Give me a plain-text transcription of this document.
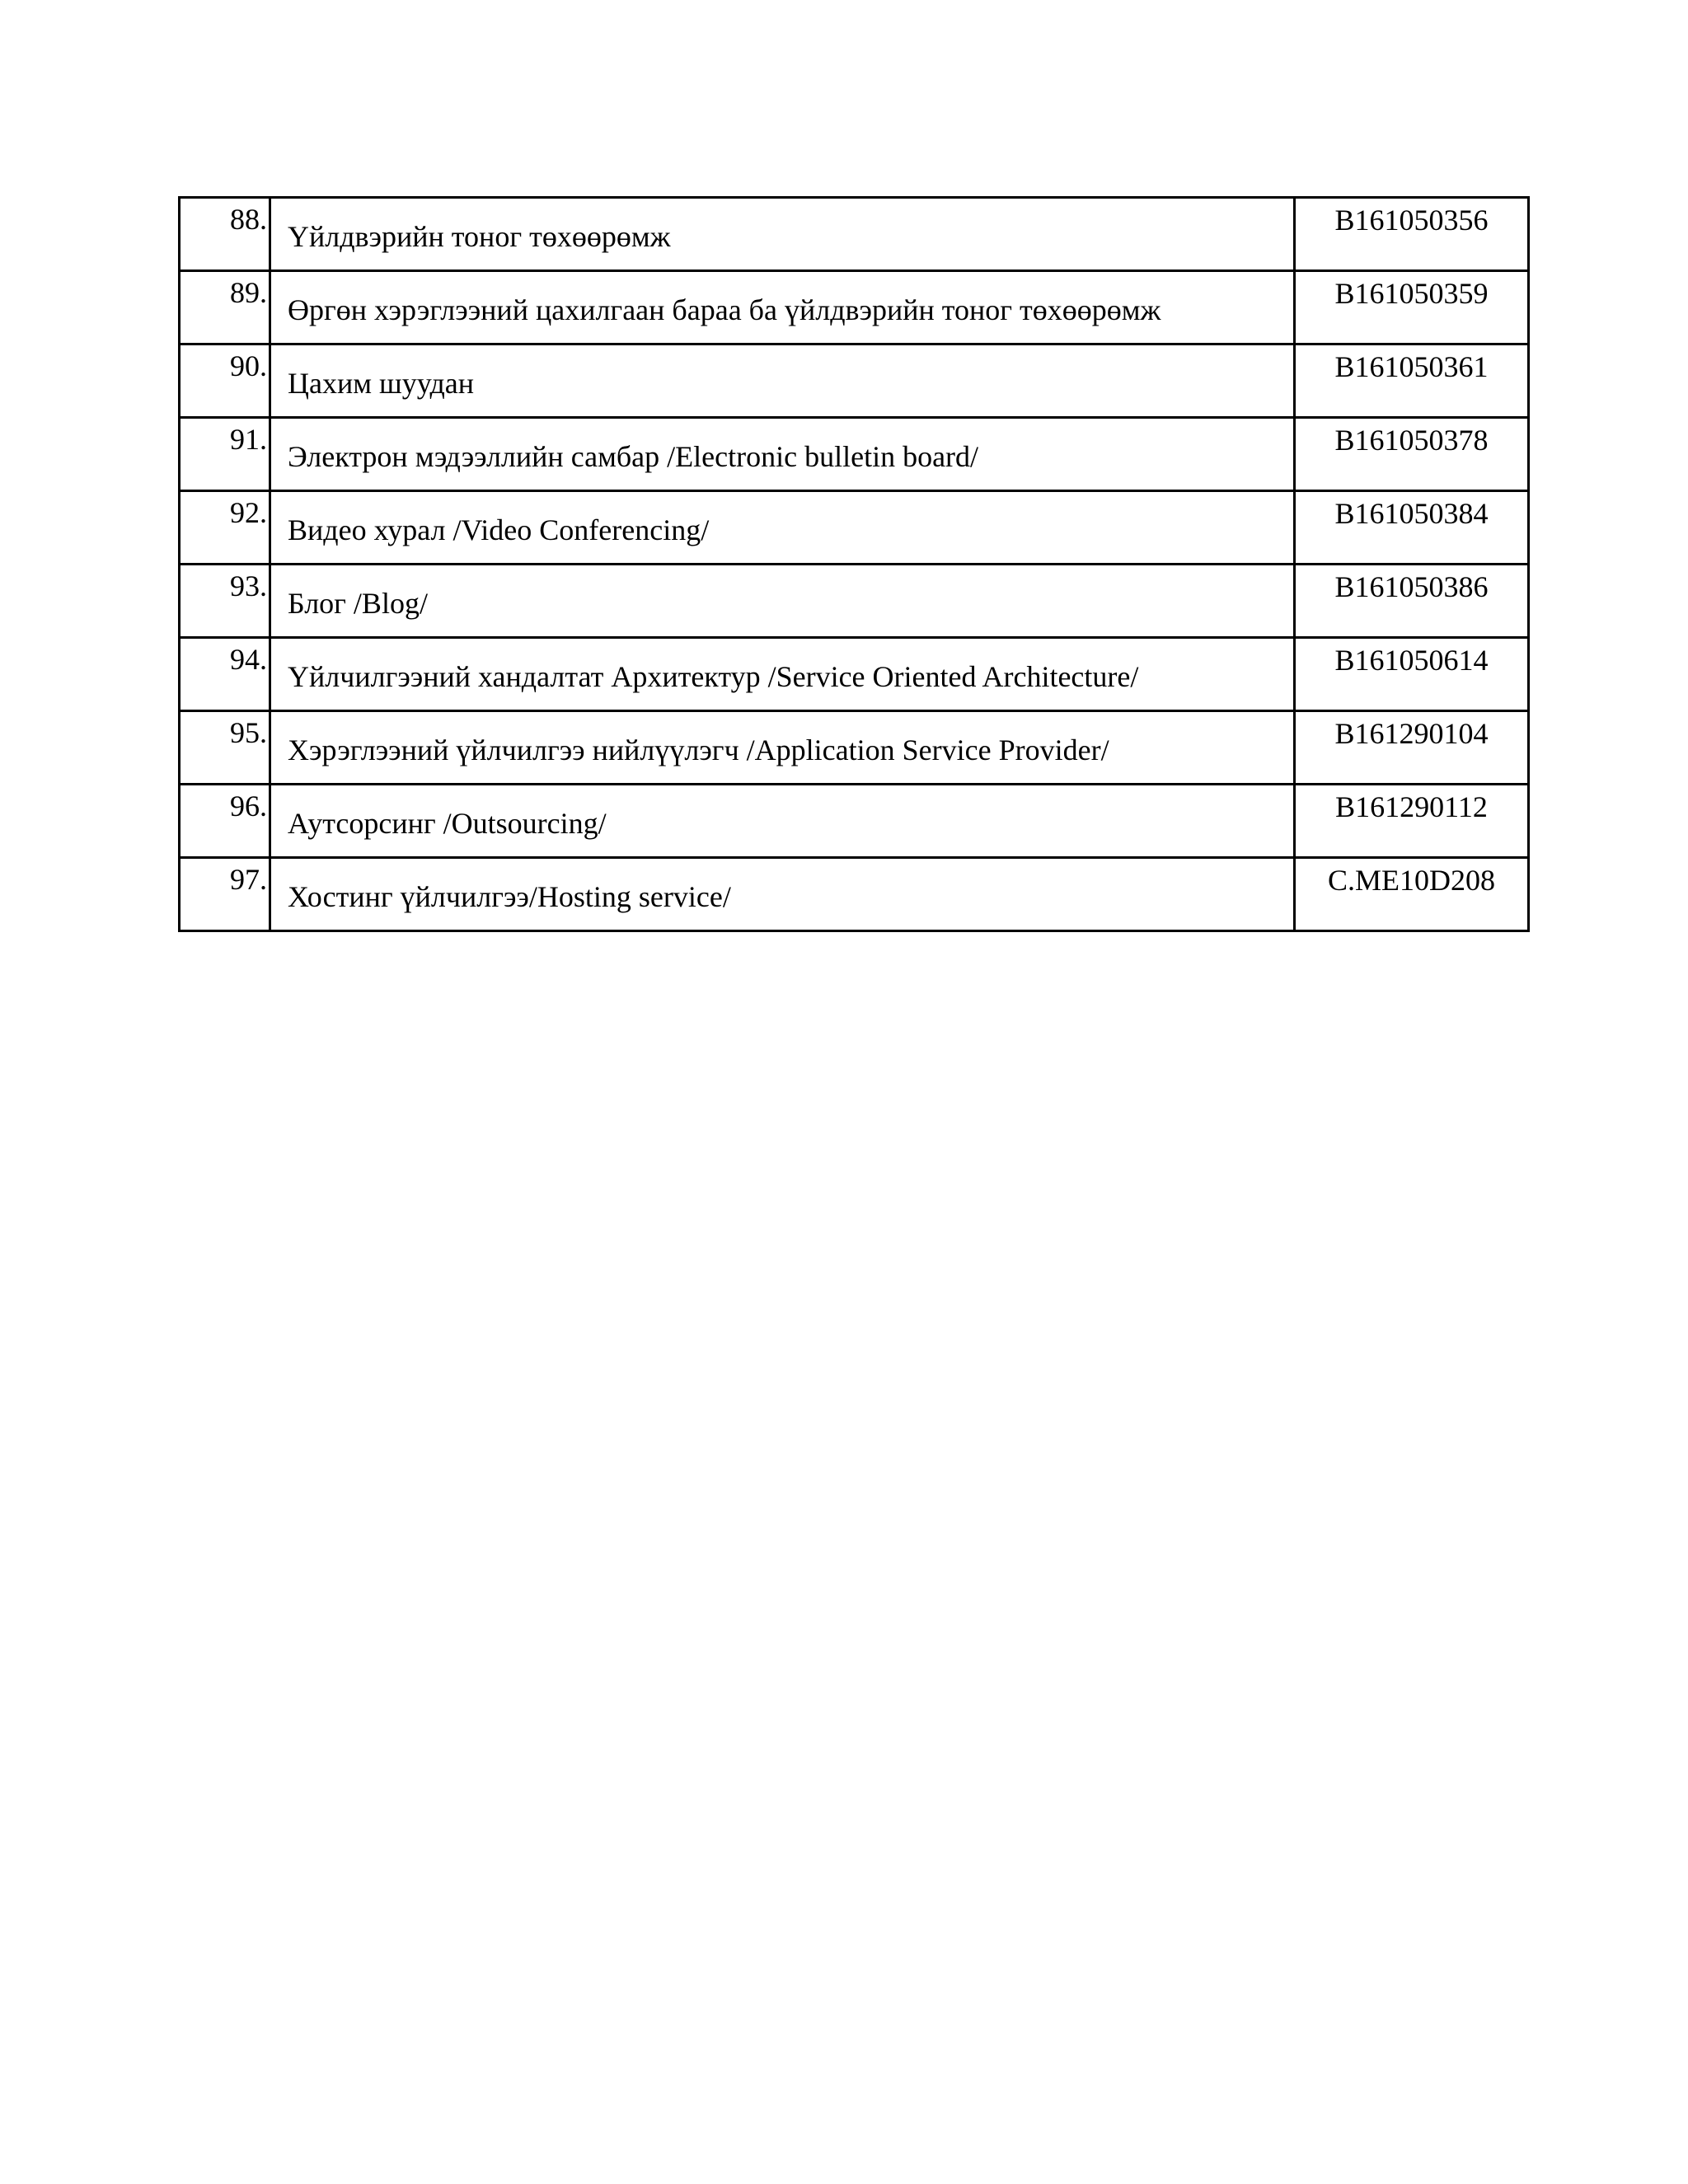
88.	Үйлдвэрийн тоног төхөөрөмж	B161050356

89.	Өргөн хэрэглээний цахилгаан бараа ба үйлдвэрийн тоног төхөөрөмж	B161050359

90.	Цахим шуудан	B161050361

91.	Электрон мэдээллийн самбар /Electronic bulletin board/	B161050378

92.	Видео хурал /Video Conferencing/	B161050384

93.	Блог /Blog/	B161050386

94.	Үйлчилгээний хандалтат Архитектур /Service Oriented Architecture/	B161050614

95.	Хэрэглээний үйлчилгээ нийлүүлэгч /Application Service Provider/	B161290104

96.	Аутсорсинг /Outsourcing/	B161290112

97.	Хостинг үйлчилгээ/Hosting service/	C.ME10D208
